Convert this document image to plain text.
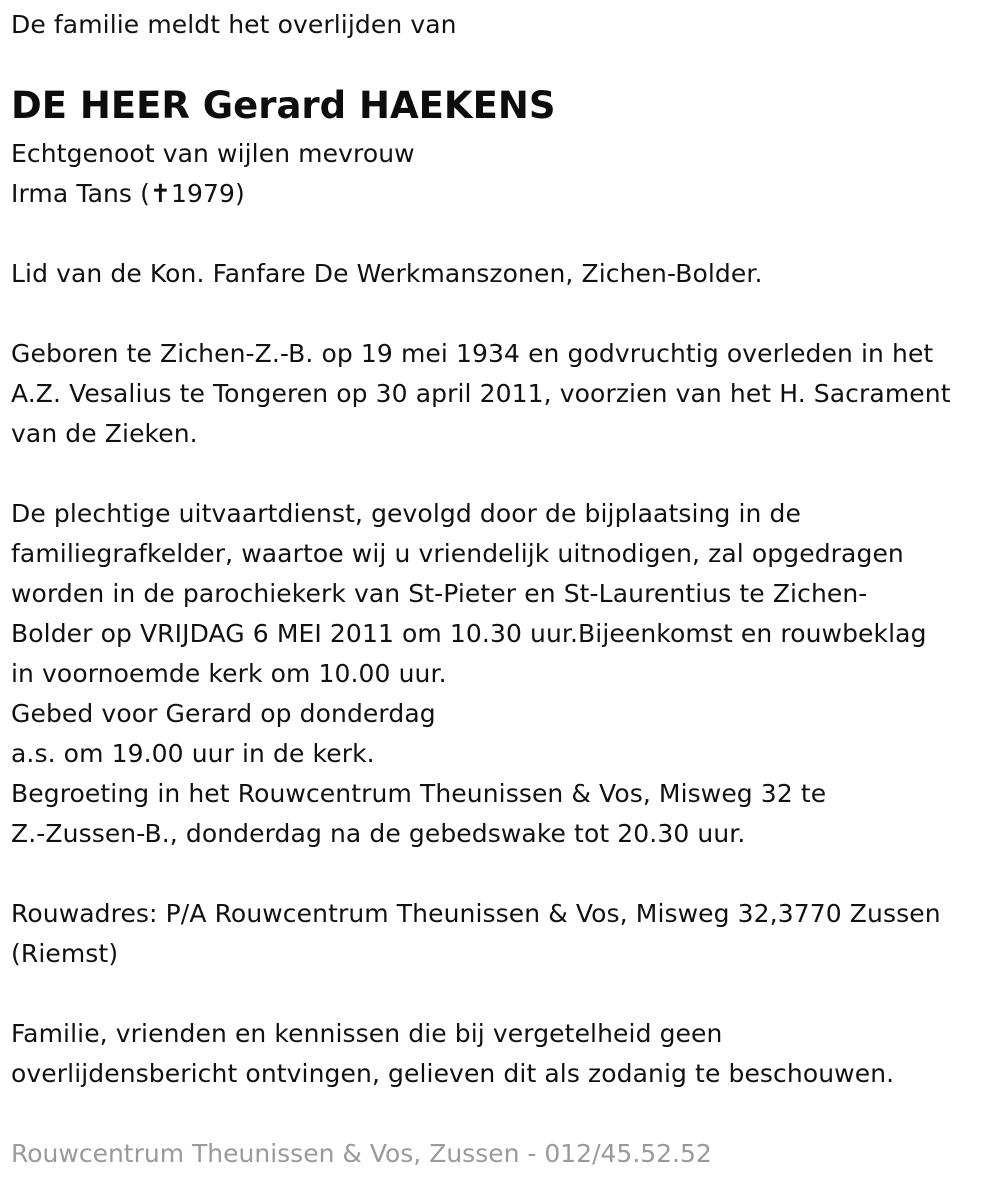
De familie meldt het overlijden van
DE HEER Gerard HAEKENS
Echtgenoot van wijlen mevrouw
Irma Tans (✝1979)
Lid van de Kon. Fanfare De Werkmanszonen, Zichen-Bolder.
Geboren te Zichen-Z.-B. op 19 mei 1934 en godvruchtig overleden in het
A.Z. Vesalius te Tongeren op 30 april 2011, voorzien van het H. Sacrament
van de Zieken.
De plechtige uitvaartdienst, gevolgd door de bijplaatsing in de
familiegrafkelder, waartoe wij u vriendelijk uitnodigen, zal opgedragen
worden in de parochiekerk van St-Pieter en St-Laurentius te Zichen-
Bolder op VRIJDAG 6 MEI 2011 om 10.30 uur.Bijeenkomst en rouwbeklag
in voornoemde kerk om 10.00 uur.
Gebed voor Gerard op donderdag
a.s. om 19.00 uur in de kerk.
Begroeting in het Rouwcentrum Theunissen & Vos, Misweg 32 te
Z.-Zussen-B., donderdag na de gebedswake tot 20.30 uur.
Rouwadres: P/A Rouwcentrum Theunissen & Vos, Misweg 32,3770 Zussen
(Riemst)
Familie, vrienden en kennissen die bij vergetelheid geen
overlijdensbericht ontvingen, gelieven dit als zodanig te beschouwen.
Rouwcentrum Theunissen & Vos, Zussen - 012/45.52.52
